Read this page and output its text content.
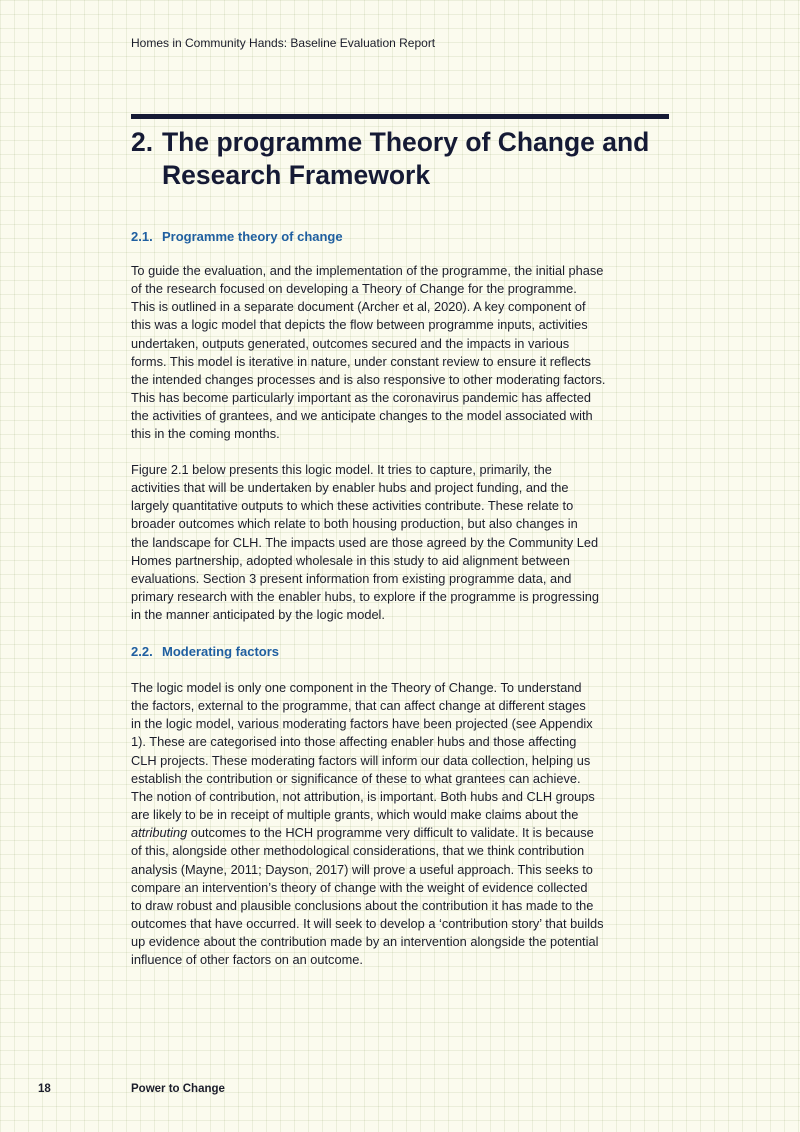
Homes in Community Hands: Baseline Evaluation Report
2. The programme Theory of Change and
Research Framework
2.1. Programme theory of change
To guide the evaluation, and the implementation of the programme, the initial phase
of the research focused on developing a Theory of Change for the programme.
This is outlined in a separate document (Archer et al, 2020). A key component of
this was a logic model that depicts the flow between programme inputs, activities
undertaken, outputs generated, outcomes secured and the impacts in various
forms. This model is iterative in nature, under constant review to ensure it reflects
the intended changes processes and is also responsive to other moderating factors.
This has become particularly important as the coronavirus pandemic has affected
the activities of grantees, and we anticipate changes to the model associated with
this in the coming months.
Figure 2.1 below presents this logic model. It tries to capture, primarily, the
activities that will be undertaken by enabler hubs and project funding, and the
largely quantitative outputs to which these activities contribute. These relate to
broader outcomes which relate to both housing production, but also changes in
the landscape for CLH. The impacts used are those agreed by the Community Led
Homes partnership, adopted wholesale in this study to aid alignment between
evaluations. Section 3 present information from existing programme data, and
primary research with the enabler hubs, to explore if the programme is progressing
in the manner anticipated by the logic model.
2.2. Moderating factors
The logic model is only one component in the Theory of Change. To understand
the factors, external to the programme, that can affect change at different stages
in the logic model, various moderating factors have been projected (see Appendix
1). These are categorised into those affecting enabler hubs and those affecting
CLH projects. These moderating factors will inform our data collection, helping us
establish the contribution or significance of these to what grantees can achieve.
The notion of contribution, not attribution, is important. Both hubs and CLH groups
are likely to be in receipt of multiple grants, which would make claims about the
attributing outcomes to the HCH programme very difficult to validate. It is because
of this, alongside other methodological considerations, that we think contribution
analysis (Mayne, 2011; Dayson, 2017) will prove a useful approach. This seeks to
compare an intervention’s theory of change with the weight of evidence collected
to draw robust and plausible conclusions about the contribution it has made to the
outcomes that have occurred. It will seek to develop a ‘contribution story’ that builds
up evidence about the contribution made by an intervention alongside the potential
influence of other factors on an outcome.
18	Power to Change
